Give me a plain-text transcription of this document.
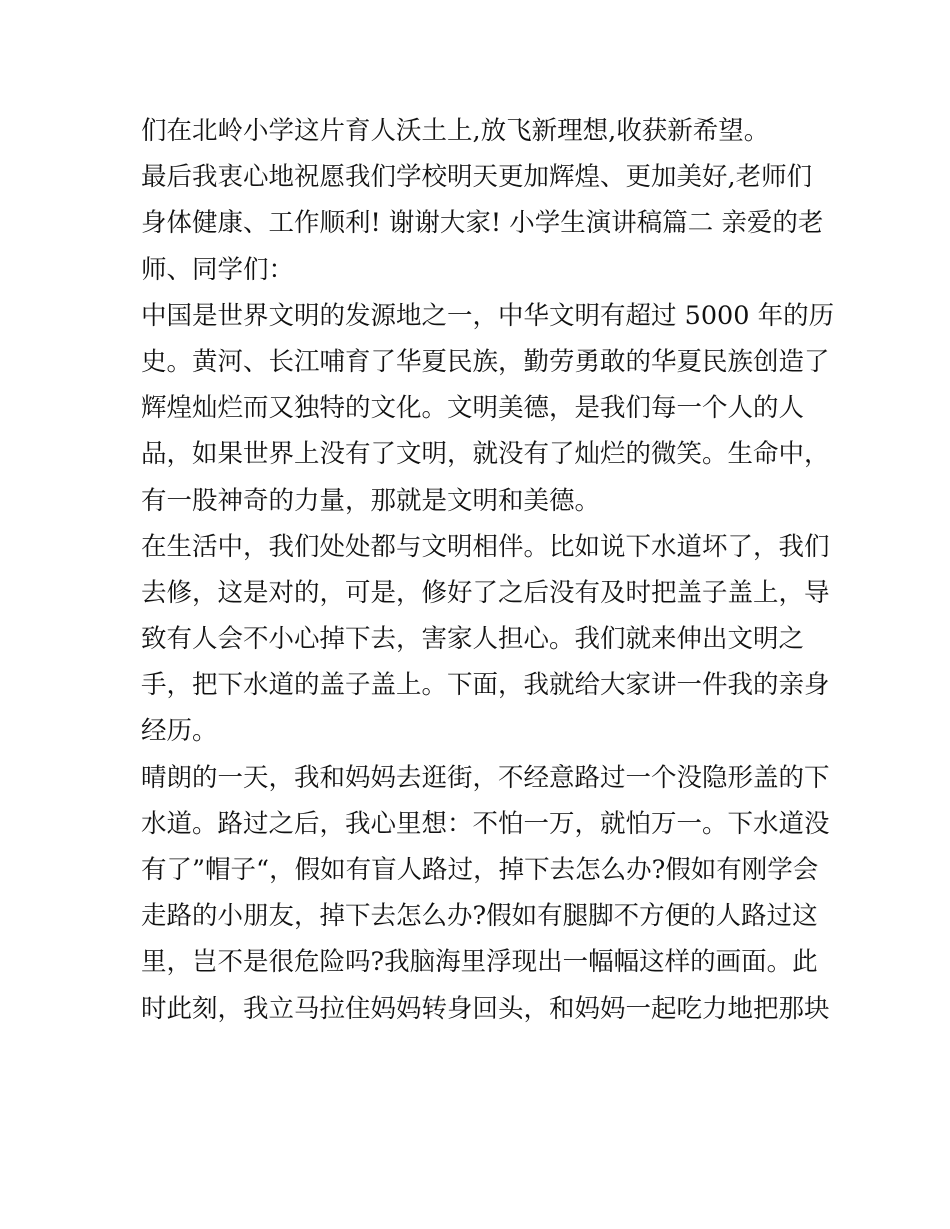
们在北岭小学这片育人沃土上,放飞新理想,收获新希望。
最后我衷心地祝愿我们学校明天更加辉煌、更加美好,老师们
身体健康、工作顺利! 谢谢大家! 小学生演讲稿篇二 亲爱的老
师、同学们：
中国是世界文明的发源地之一，中华文明有超过 5000 年的历
史。黄河、长江哺育了华夏民族，勤劳勇敢的华夏民族创造了
辉煌灿烂而又独特的文化。文明美德，是我们每一个人的人
品，如果世界上没有了文明，就没有了灿烂的微笑。生命中，
有一股神奇的力量，那就是文明和美德。
在生活中，我们处处都与文明相伴。比如说下水道坏了，我们
去修，这是对的，可是，修好了之后没有及时把盖子盖上，导
致有人会不小心掉下去，害家人担心。我们就来伸出文明之
手，把下水道的盖子盖上。下面，我就给大家讲一件我的亲身
经历。
晴朗的一天，我和妈妈去逛街，不经意路过一个没隐形盖的下
水道。路过之后，我心里想：不怕一万，就怕万一。下水道没
有了”帽子“，假如有盲人路过，掉下去怎么办?假如有刚学会
走路的小朋友，掉下去怎么办?假如有腿脚不方便的人路过这
里，岂不是很危险吗?我脑海里浮现出一幅幅这样的画面。此
时此刻，我立马拉住妈妈转身回头，和妈妈一起吃力地把那块
